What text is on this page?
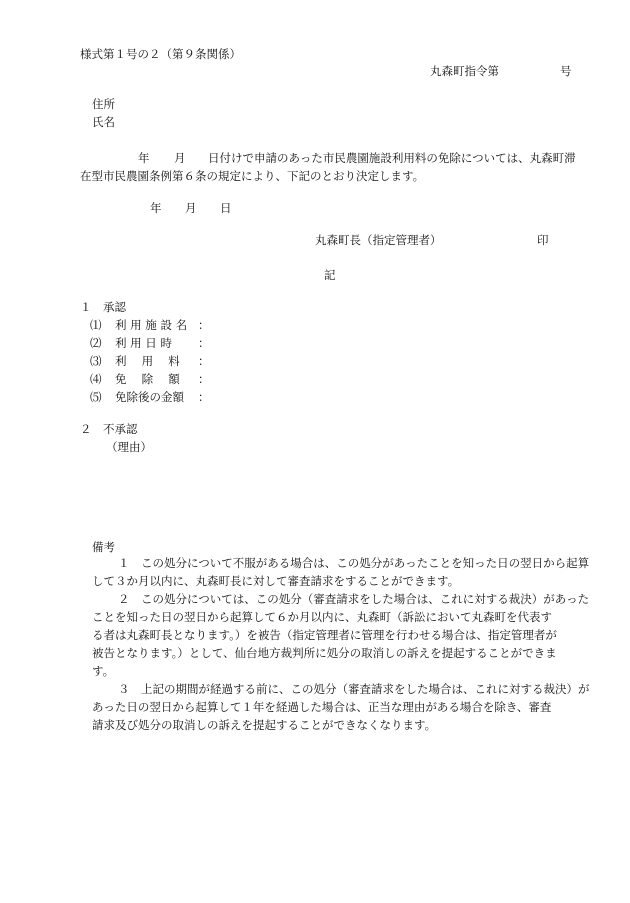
様式第１号の２（第９条関係）
丸森町指令第	号
住所
氏名
年 月 日付けで申請のあった市民農園施設利用料の免除については、丸森町滞
在型市民農園条例第６条の規定により、下記のとおり決定します。
年 月 日
丸森町長（指定管理者）	印
記
１　承認
⑴ 利 用 施 設 名 ：
⑵ 利 用 日 時 ：
⑶ 利　 用　 料 ：
⑷ 免　 除　 額 ：
⑸ 免除後の金額 ：
２　不承認
（理由）
備考
１　この処分について不服がある場合は、この処分があったことを知った日の翌日から起算
して３か月以内に、丸森町長に対して審査請求をすることができます。
２　この処分については、この処分（審査請求をした場合は、これに対する裁決）があった
ことを知った日の翌日から起算して６か月以内に、丸森町（訴訟において丸森町を代表す
る者は丸森町長となります。）を被告（指定管理者に管理を行わせる場合は、指定管理者が
被告となります。）として、仙台地方裁判所に処分の取消しの訴えを提起することができま
す。
３　上記の期間が経過する前に、この処分（審査請求をした場合は、これに対する裁決）が
あった日の翌日から起算して１年を経過した場合は、正当な理由がある場合を除き、審査
請求及び処分の取消しの訴えを提起することができなくなります。
